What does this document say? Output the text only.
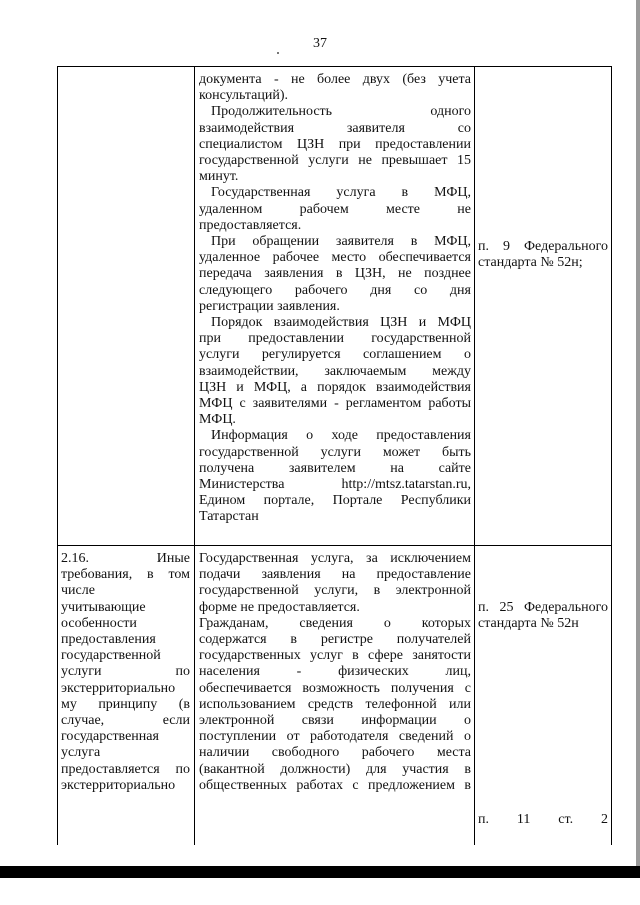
37

документа - не более двух (без учета

консультаций).

Продолжительность одного

взаимодействия заявителя со

специалистом ЦЗН при предоставлении

государственной услуги не превышает 15

минут.

Государственная услуга в МФЦ,

удаленном рабочем месте не

предоставляется.

При обращении заявителя в МФЦ,

удаленное рабочее место обеспечивается

передача заявления в ЦЗН, не позднее

следующего рабочего дня со дня

регистрации заявления.

Порядок взаимодействия ЦЗН и МФЦ

при предоставлении государственной

услуги регулируется соглашением о

взаимодействии, заключаемым между

ЦЗН и МФЦ, а порядок взаимодействия

МФЦ с заявителями - регламентом работы

МФЦ.

Информация о ходе предоставления

государственной услуги может быть

получена заявителем на сайте

Министерства http://mtsz.tatarstan.ru,

Едином портале, Портале Республики

Татарстан

п. 9 Федерального

стандарта № 52н;

2.16. Иные

требования, в том

числе

учитывающие

особенности

предоставления

государственной

услуги по

экстерриториально

му принципу (в

случае, если

государственная

услуга

предоставляется по

экстерриториально

Государственная услуга, за исключением

подачи заявления на предоставление

государственной услуги, в электронной

форме не предоставляется.

Гражданам, сведения о которых

содержатся в регистре получателей

государственных услуг в сфере занятости

населения - физических лиц,

обеспечивается возможность получения с

использованием средств телефонной или

электронной связи информации о

поступлении от работодателя сведений о

наличии свободного рабочего места

(вакантной должности) для участия в

общественных работах с предложением в

п. 25 Федерального

стандарта № 52н

п. 11 ст. 2
